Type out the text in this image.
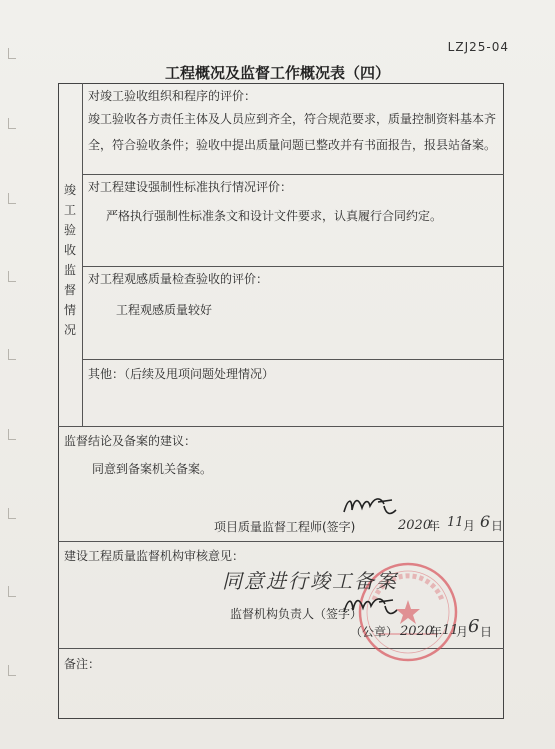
LZJ25-04
工程概况及监督工作概况表（四）
竣
工
验
收
监
督
情
况
对竣工验收组织和程序的评价：
竣工验收各方责任主体及人员应到齐全，符合规范要求，质量控制资料基本齐
全，符合验收条件；验收中提出质量问题已整改并有书面报告，报县站备案。
对工程建设强制性标准执行情况评价：
严格执行强制性标准条文和设计文件要求，认真履行合同约定。
对工程观感质量检查验收的评价：
工程观感质量较好
其他：（后续及甩项问题处理情况）
监督结论及备案的建议：
同意到备案机关备案。
项目质量监督工程师(签字)	2020
年 11 月 6 日
建设工程质量监督机构审核意见：
同意进行竣工备案
监督机构负责人（签字）
（公章） 2020
年 11
月 6 日
备注：
